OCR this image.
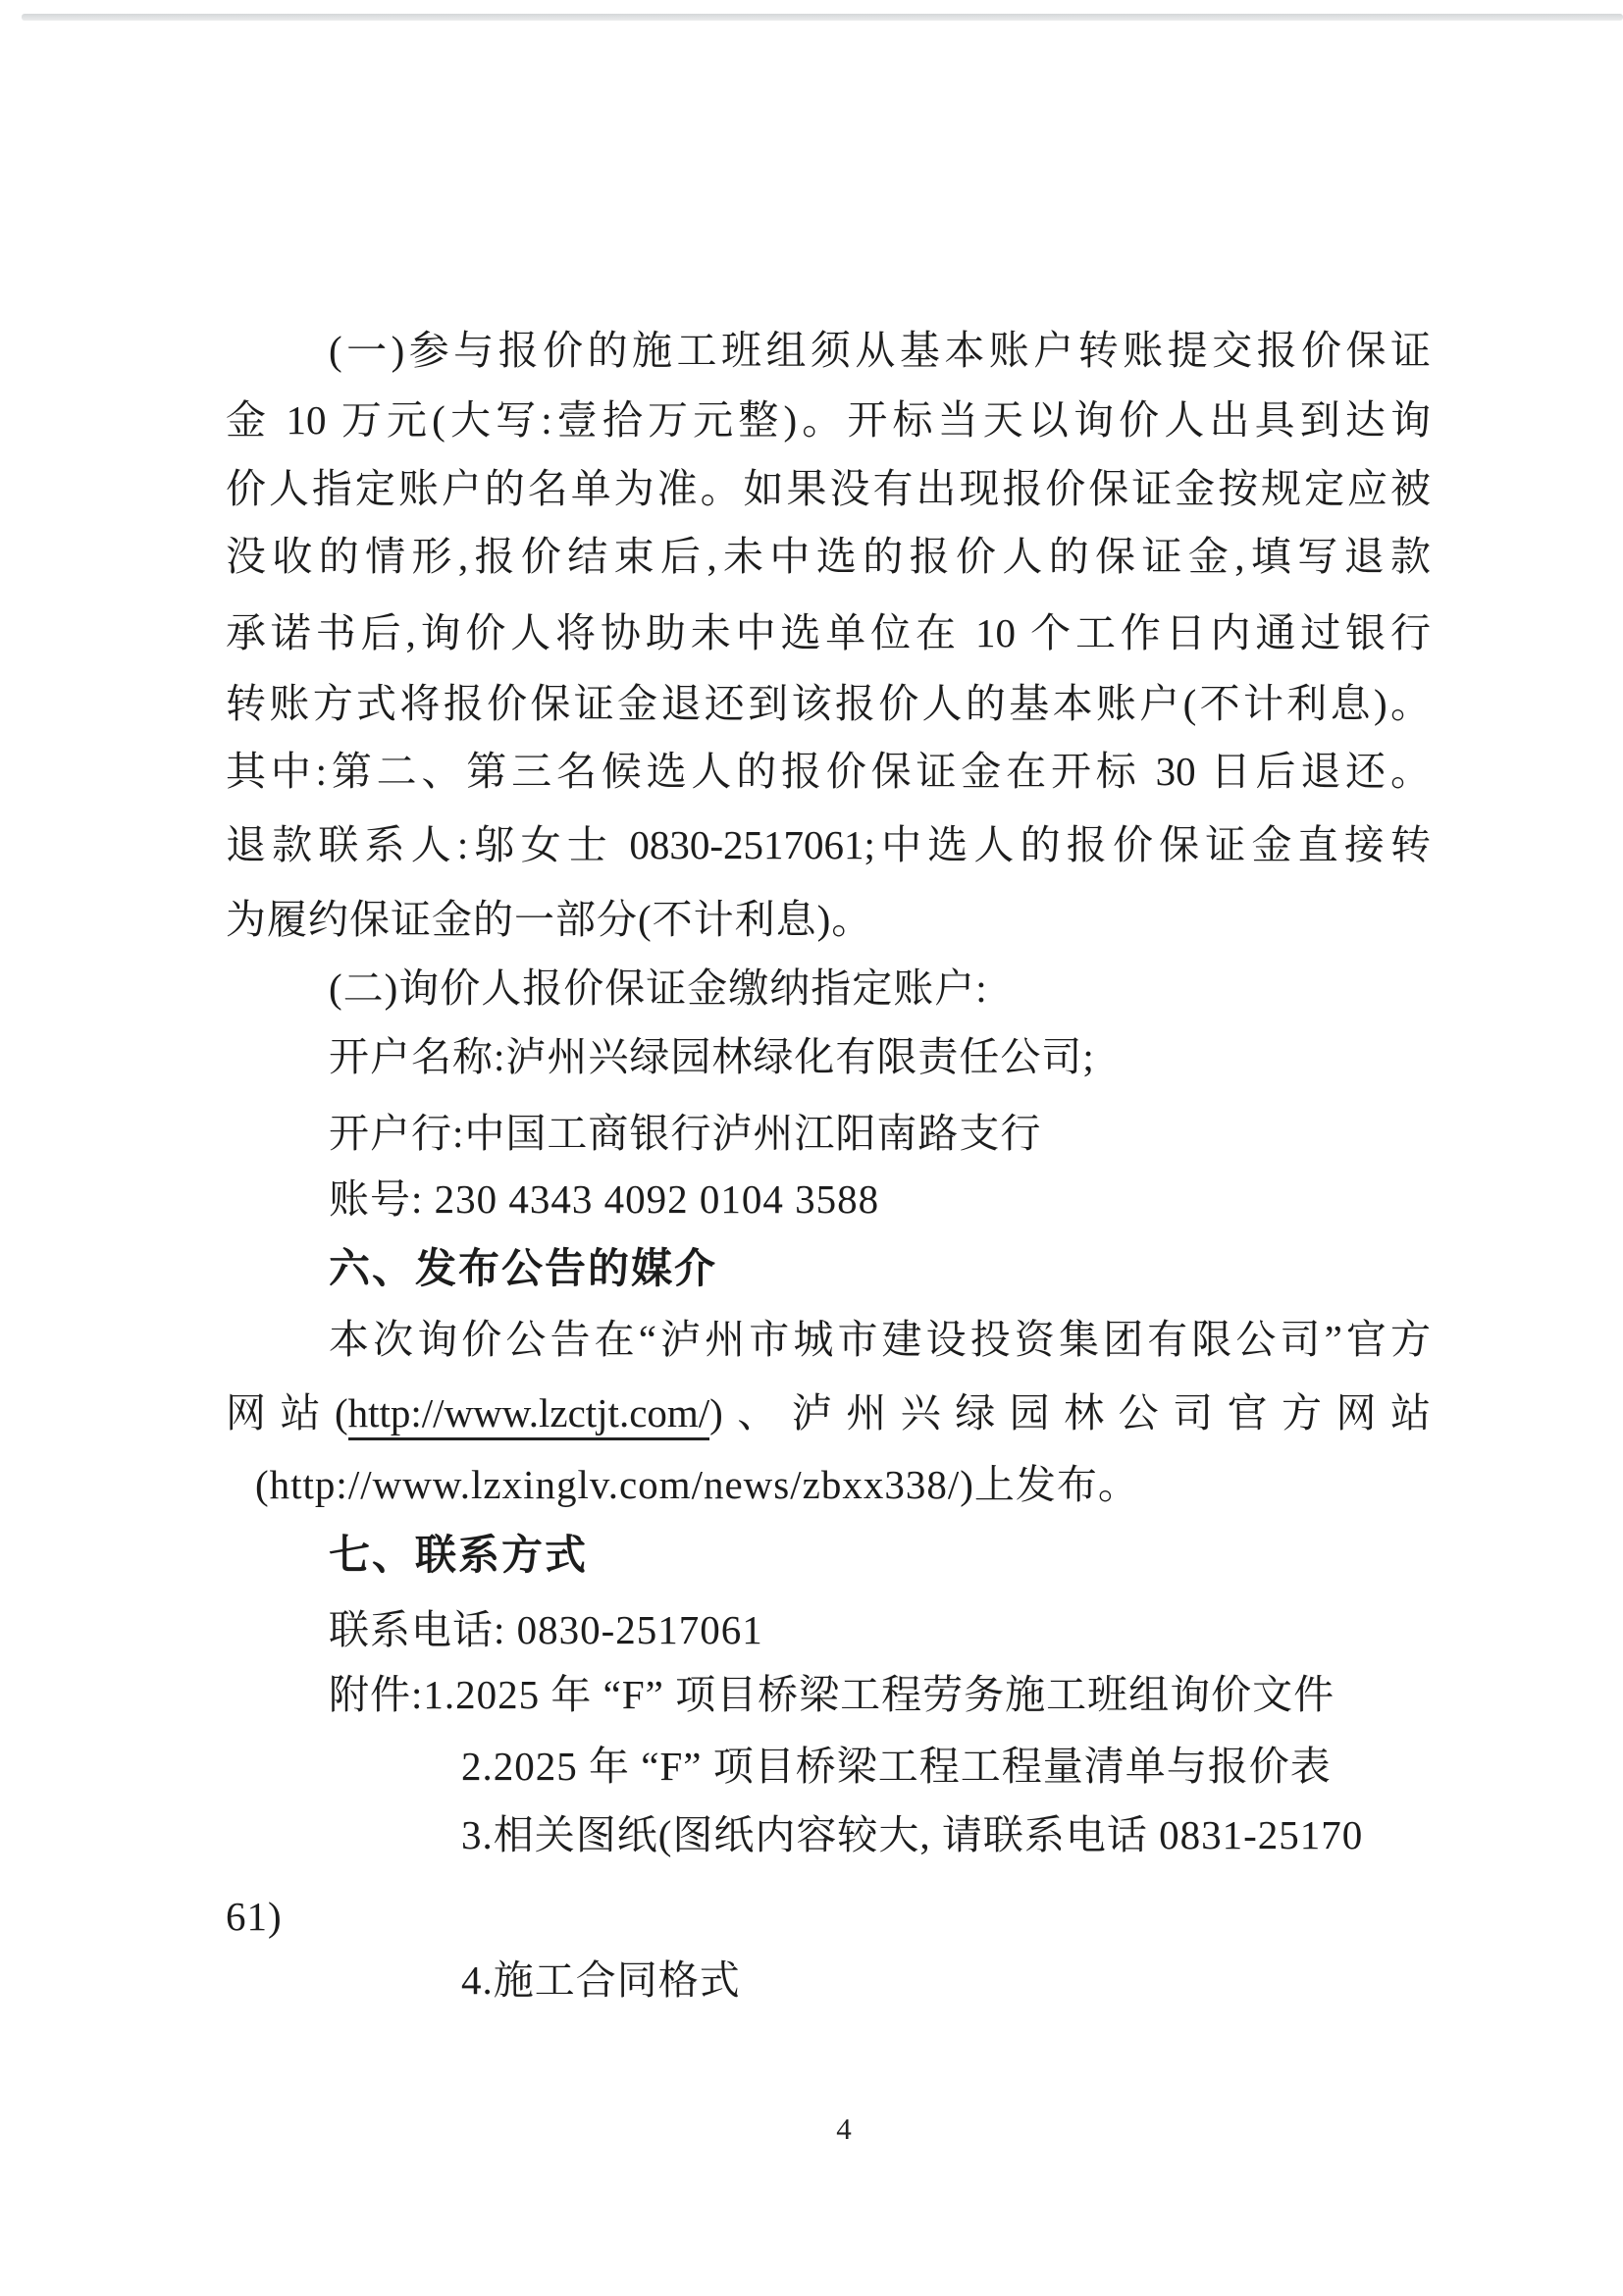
(一)参与报价的施工班组须从基本账户转账提交报价保证
金 10 万元(大写:壹拾万元整)。开标当天以询价人出具到达询
价人指定账户的名单为准。如果没有出现报价保证金按规定应被
没收的情形,报价结束后,未中选的报价人的保证金,填写退款
承诺书后,询价人将协助未中选单位在 10 个工作日内通过银行
转账方式将报价保证金退还到该报价人的基本账户(不计利息)。
其中:第二、第三名候选人的报价保证金在开标 30 日后退还。
退款联系人:邬女士 0830-2517061;中选人的报价保证金直接转
为履约保证金的一部分(不计利息)。
(二)询价人报价保证金缴纳指定账户:
开户名称:泸州兴绿园林绿化有限责任公司;
开户行:中国工商银行泸州江阳南路支行
账号: 230 4343 4092 0104 3588
六、发布公告的媒介
本次询价公告在“泸州市城市建设投资集团有限公司”官方
网站(http://www.lzctjt.com/)、泸州兴绿园林公司官方网站
(http://www.lzxinglv.com/news/zbxx338/)上发布。
七、联系方式
联系电话: 0830-2517061
附件:1.2025 年 “F” 项目桥梁工程劳务施工班组询价文件
2.2025 年 “F” 项目桥梁工程工程量清单与报价表
3.相关图纸(图纸内容较大, 请联系电话 0831-25170
61)
4.施工合同格式
4
